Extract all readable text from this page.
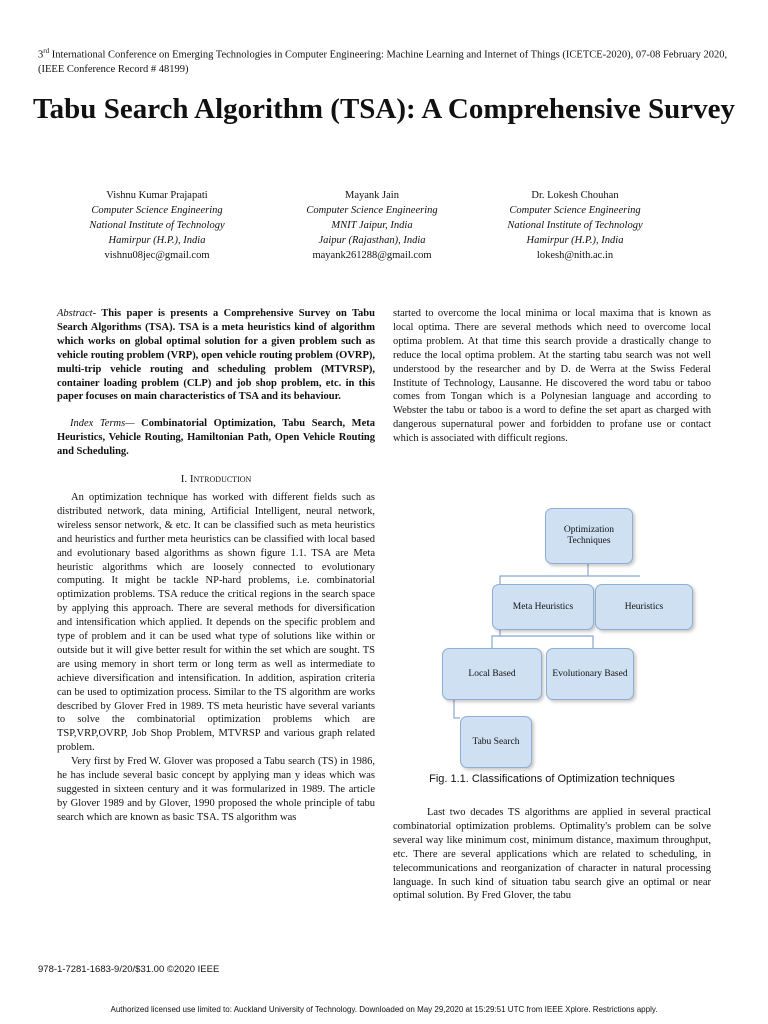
3rd International Conference on Emerging Technologies in Computer Engineering: Machine Learning and Internet of Things (ICETCE-2020), 07-08 February 2020, (IEEE Conference Record # 48199)
Tabu Search Algorithm (TSA): A Comprehensive Survey
Vishnu Kumar Prajapati
Computer Science Engineering
National Institute of Technology
Hamirpur (H.P.), India
vishnu08jec@gmail.com
Mayank Jain
Computer Science Engineering
MNIT Jaipur, India
Jaipur (Rajasthan), India
mayank261288@gmail.com
Dr. Lokesh Chouhan
Computer Science Engineering
National Institute of Technology
Hamirpur (H.P.), India
lokesh@nith.ac.in

Abstract- This paper is presents a Comprehensive Survey on Tabu Search Algorithms (TSA). TSA is a meta heuristics kind of algorithm which works on global optimal solution for a given problem such as vehicle routing problem (VRP), open vehicle routing problem (OVRP), multi-trip vehicle routing and scheduling problem (MTVRSP), container loading problem (CLP) and job shop problem, etc. in this paper focuses on main characteristics of TSA and its behaviour.

Index Terms— Combinatorial Optimization, Tabu Search, Meta Heuristics, Vehicle Routing, Hamiltonian Path, Open Vehicle Routing and Scheduling.

I. Introduction

An optimization technique has worked with different fields such as distributed network, data mining, Artificial Intelligent, neural network, wireless sensor network, & etc. It can be classified such as meta heuristics and heuristics and further meta heuristics can be classified with local based and evolutionary based algorithms as shown figure 1.1. TSA are Meta heuristic algorithms which are loosely connected to evolutionary computing. It might be tackle NP-hard problems, i.e. combinatorial optimization problems. TSA reduce the critical regions in the search space by applying this approach. There are several methods for diversification and intensification which applied. It depends on the specific problem and type of problem and it can be used what type of solutions like within or outside but it will give better result for within the set which are sought. TS are using memory in short term or long term as well as intermediate to achieve diversification and intensification. In addition, aspiration criteria can be used to optimization process. Similar to the TS algorithm are works described by Glover Fred in 1989. TS meta heuristic have several variants to solve the combinatorial optimization problems which are TSP,VRP,OVRP, Job Shop Problem, MTVRSP and various graph related problem.

Very first by Fred W. Glover was proposed a Tabu search (TS) in 1986, he has include several basic concept by applying man y ideas which was suggested in sixteen century and it was formularized in 1989. The article by Glover 1989 and by Glover, 1990 proposed the whole principle of tabu search which are known as basic TSA. TS algorithm was

started to overcome the local minima or local maxima that is known as local optima. There are several methods which need to overcome local optima problem. At that time this search provide a drastically change to reduce the local optima problem. At the starting tabu search was not well understood by the researcher and by D. de Werra at the Swiss Federal Institute of Technology, Lausanne. He discovered the word tabu or taboo comes from Tongan which is a Polynesian language and according to Webster the tabu or taboo is a word to define the set apart as charged with dangerous supernatural power and forbidden to profane use or contact which is associated with difficult regions.

Optimization Techniques
Meta Heuristics	Heuristics
Local Based	Evolutionary Based
Tabu Search
Fig. 1.1. Classifications of Optimization techniques

Last two decades TS algorithms are applied in several practical combinatorial optimization problems. Optimality's problem can be solve several way like minimum cost, minimum distance, maximum throughput, etc. There are several applications which are related to scheduling, in telecommunications and reorganization of character in natural processing language. In such kind of situation tabu search give an optimal or near optimal solution. By Fred Glover, the tabu

978-1-7281-1683-9/20/$31.00 ©2020 IEEE
Authorized licensed use limited to: Auckland University of Technology. Downloaded on May 29,2020 at 15:29:51 UTC from IEEE Xplore. Restrictions apply.
